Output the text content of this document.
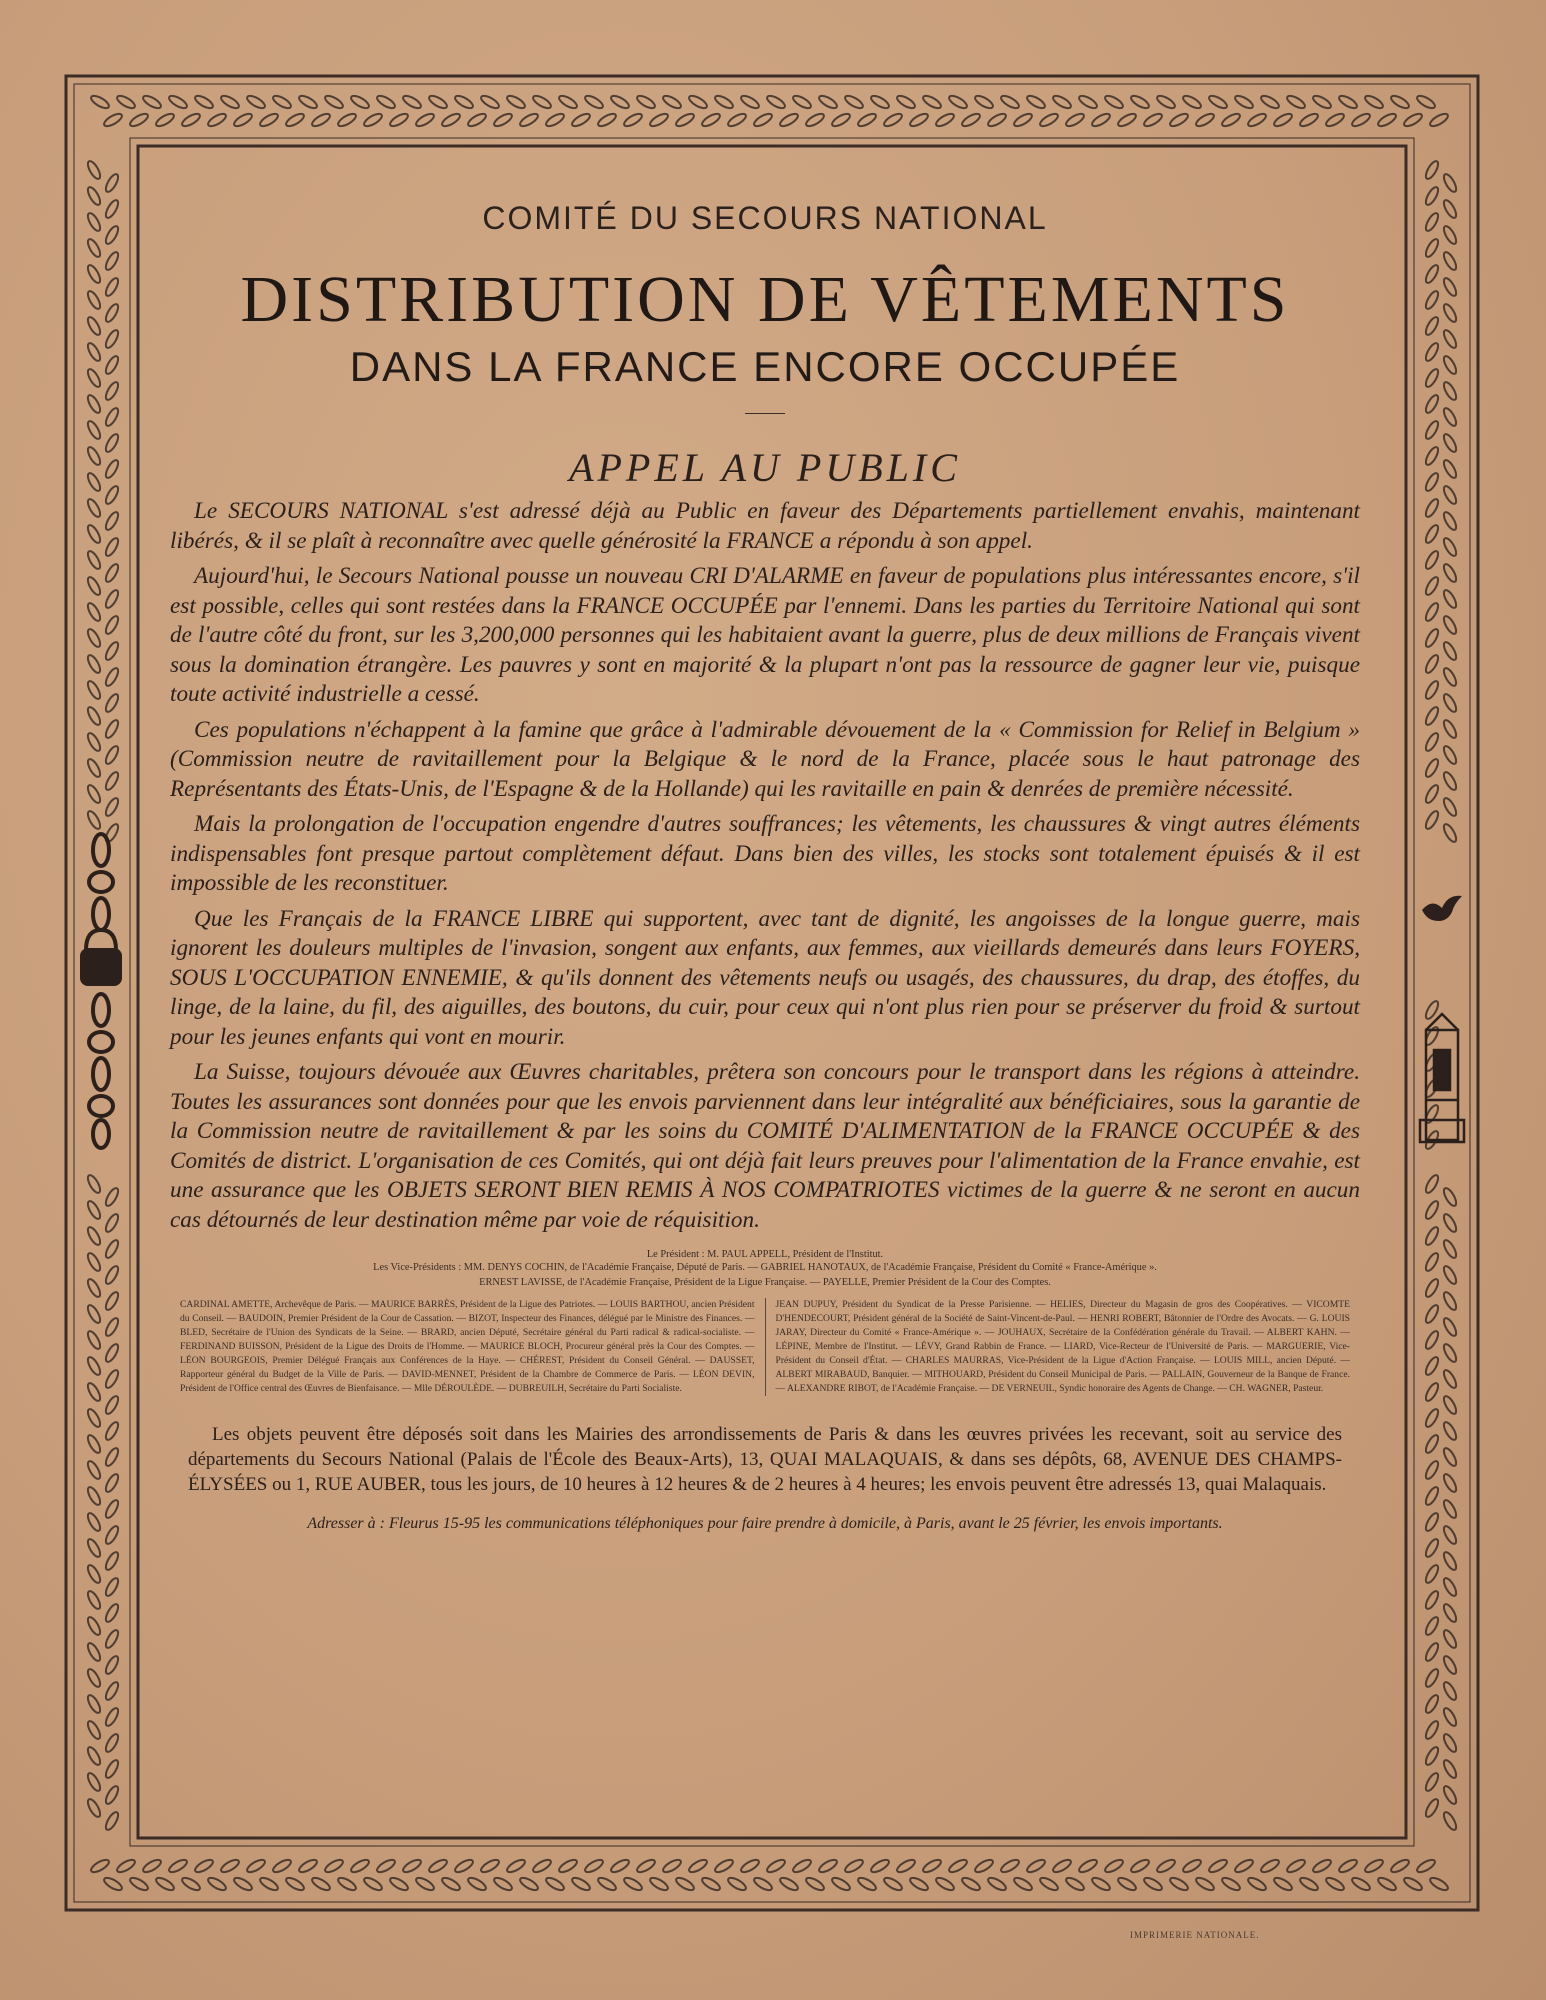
COMITÉ DU SECOURS NATIONAL
DISTRIBUTION DE VÊTEMENTS
DANS LA FRANCE ENCORE OCCUPÉE
APPEL AU PUBLIC

Le SECOURS NATIONAL s'est adressé déjà au Public en faveur des Départements partiellement envahis, maintenant libérés, & il se plaît à reconnaître avec quelle générosité la FRANCE a répondu à son appel.

Aujourd'hui, le Secours National pousse un nouveau CRI D'ALARME en faveur de populations plus intéressantes encore, s'il est possible, celles qui sont restées dans la FRANCE OCCUPÉE par l'ennemi. Dans les parties du Territoire National qui sont de l'autre côté du front, sur les 3,200,000 personnes qui les habitaient avant la guerre, plus de deux millions de Français vivent sous la domination étrangère. Les pauvres y sont en majorité & la plupart n'ont pas la ressource de gagner leur vie, puisque toute activité industrielle a cessé.

Ces populations n'échappent à la famine que grâce à l'admirable dévouement de la « Commission for Relief in Belgium » (Commission neutre de ravitaillement pour la Belgique & le nord de la France, placée sous le haut patronage des Représentants des États-Unis, de l'Espagne & de la Hollande) qui les ravitaille en pain & denrées de première nécessité.

Mais la prolongation de l'occupation engendre d'autres souffrances; les vêtements, les chaussures & vingt autres éléments indispensables font presque partout complètement défaut. Dans bien des villes, les stocks sont totalement épuisés & il est impossible de les reconstituer.

Que les Français de la FRANCE LIBRE qui supportent, avec tant de dignité, les angoisses de la longue guerre, mais ignorent les douleurs multiples de l'invasion, songent aux enfants, aux femmes, aux vieillards demeurés dans leurs FOYERS, SOUS L'OCCUPATION ENNEMIE, & qu'ils donnent des vêtements neufs ou usagés, des chaussures, du drap, des étoffes, du linge, de la laine, du fil, des aiguilles, des boutons, du cuir, pour ceux qui n'ont plus rien pour se préserver du froid & surtout pour les jeunes enfants qui vont en mourir.

La Suisse, toujours dévouée aux Œuvres charitables, prêtera son concours pour le transport dans les régions à atteindre. Toutes les assurances sont données pour que les envois parviennent dans leur intégralité aux bénéficiaires, sous la garantie de la Commission neutre de ravitaillement & par les soins du COMITÉ D'ALIMENTATION de la FRANCE OCCUPÉE & des Comités de district. L'organisation de ces Comités, qui ont déjà fait leurs preuves pour l'alimentation de la France envahie, est une assurance que les OBJETS SERONT BIEN REMIS À NOS COMPATRIOTES victimes de la guerre & ne seront en aucun cas détournés de leur destination même par voie de réquisition.

Le Président : M. PAUL APPELL, Président de l'Institut.
Les Vice-Présidents : MM. DENYS COCHIN, de l'Académie Française, Député de Paris. — GABRIEL HANOTAUX, de l'Académie Française, Président du Comité « France-Amérique ».
ERNEST LAVISSE, de l'Académie Française, Président de la Ligue Française. — PAYELLE, Premier Président de la Cour des Comptes.
CARDINAL AMETTE, Archevêque de Paris. — MAURICE BARRÈS, Président de la Ligue des Patriotes. — LOUIS BARTHOU, ancien Président du Conseil. — BAUDOIN, Premier Président de la Cour de Cassation. — BIZOT, Inspecteur des Finances, délégué par le Ministre des Finances. — BLED, Secrétaire de l'Union des Syndicats de la Seine. — BRARD, ancien Député, Secrétaire général du Parti radical & radical-socialiste. — FERDINAND BUISSON, Président de la Ligue des Droits de l'Homme. — MAURICE BLOCH, Procureur général près la Cour des Comptes. — LÉON BOURGEOIS, Premier Délégué Français aux Conférences de la Haye. — CHÉREST, Président du Conseil Général. — DAUSSET, Rapporteur général du Budget de la Ville de Paris. — DAVID-MENNET, Président de la Chambre de Commerce de Paris. — LÉON DEVIN, Président de l'Office central des Œuvres de Bienfaisance. — Mlle DÉROULÈDE. — DUBREUILH, Secrétaire du Parti Socialiste.
JEAN DUPUY, Président du Syndicat de la Presse Parisienne. — HELIES, Directeur du Magasin de gros des Coopératives. — VICOMTE D'HENDECOURT, Président général de la Société de Saint-Vincent-de-Paul. — HENRI ROBERT, Bâtonnier de l'Ordre des Avocats. — G. LOUIS JARAY, Directeur du Comité « France-Amérique ». — JOUHAUX, Secrétaire de la Confédération générale du Travail. — ALBERT KAHN. — LÉPINE, Membre de l'Institut. — LÉVY, Grand Rabbin de France. — LIARD, Vice-Recteur de l'Université de Paris. — MARGUERIE, Vice-Président du Conseil d'État. — CHARLES MAURRAS, Vice-Président de la Ligue d'Action Française. — LOUIS MILL, ancien Député. — ALBERT MIRABAUD, Banquier. — MITHOUARD, Président du Conseil Municipal de Paris. — PALLAIN, Gouverneur de la Banque de France. — ALEXANDRE RIBOT, de l'Académie Française. — DE VERNEUIL, Syndic honoraire des Agents de Change. — CH. WAGNER, Pasteur.
Les objets peuvent être déposés soit dans les Mairies des arrondissements de Paris & dans les œuvres privées les recevant, soit au service des départements du Secours National (Palais de l'École des Beaux-Arts), 13, QUAI MALAQUAIS, & dans ses dépôts, 68, AVENUE DES CHAMPS-ÉLYSÉES ou 1, RUE AUBER, tous les jours, de 10 heures à 12 heures & de 2 heures à 4 heures; les envois peuvent être adressés 13, quai Malaquais.
Adresser à : Fleurus 15-95 les communications téléphoniques pour faire prendre à domicile, à Paris, avant le 25 février, les envois importants.
IMPRIMERIE NATIONALE.
